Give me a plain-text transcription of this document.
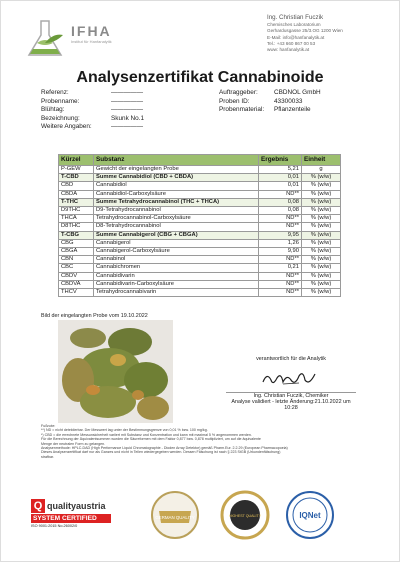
IFHA
Institut für Hanfanalytik
Ing. Christian Fuczik
Chemisches Laboratorium
Gerhardusgasse 25/3.OG 1200 Wien
E-Mail: info@hanfanalytik.at
Tel.: +43 660 867 00 53
www: hanfanalytik.at
Analysenzertifikat Cannabinoide
Referenz:	—————
Probenname:	—————
Blühtag:	—————
Bezeichnung:	Skunk No.1
Weitere Angaben:	—————
Auftraggeber:	CBDNOL GmbH
Proben ID:	43300033
Probenmaterial:	Pflanzenteile
Kürzel	Substanz	Ergebnis	Einheit
P-GEW	Gewicht der eingelangten Probe	5,21	g
T-CBD	Summe Cannabidiol (CBD + CBDA)	0,01	% (w/w)
CBD	Cannabidiol	0,01	% (w/w)
CBDA	Cannabidiol-Carboxylsäure	ND**	% (w/w)
T-THC	Summe Tetrahydrocannabinol (THC + THCA)	0,08	% (w/w)
D9THC	D9-Tetrahydrocannabinol	0,08	% (w/w)
THCA	Tetrahydrocannabinol-Carboxylsäure	ND**	% (w/w)
D8THC	D8-Tetrahydrocannabinol	ND**	% (w/w)
T-CBG	Summe Cannabigerol (CBG + CBGA)	9,95	% (w/w)
CBG	Cannabigerol	1,26	% (w/w)
CBGA	Cannabigerol-Carboxylsäure	9,90	% (w/w)
CBN	Cannabinol	ND**	% (w/w)
CBC	Cannabichromen	0,21	% (w/w)
CBDV	Cannabidivarin	ND**	% (w/w)
CBDVA	Cannabidivarin-Carboxylsäure	ND**	% (w/w)
THCV	Tetrahydrocannabivarin	ND**	% (w/w)
Bild der eingelangten Probe vom 19.10.2022
verantwortlich für die Analytik
Ing. Christian Fuczik, Chemiker
Analyse validiert - letzte Änderung:21.10.2022 um
10:28
Fußnote:
**) ND = nicht detektierbar. Der Messwert lag unter der Bestimmungsgrenze von 0,01 % bzw. 100 mg/kg.
*) CBD = die errechnete Messunsicherheit variiert mit Substanz und Konzentration und kann mit maximal 5 % angenommen werden.
Für die Berechnung der Äquivalentsummen wurden die Säureformen mit dem Faktor 0,877 bzw. 0,878 multipliziert, um auf die äquivalente
Menge der neutralen Form zu gelangen.
Analysenmethode: HPLC-DAD (High Performance Liquid Chromatographie - Dioden Array Detektor) gemäß Pharm.Eur. 2.2.29 (European Pharmacopoeia)
Dieses Analysenzertifikat darf nur als Ganzes und nicht in Teilen wiedergegeben werden. Dessen Fälschung ist nach § 223 StGB (Urkundenfälschung)
strafbar.
Q qualityaustria
SYSTEM CERTIFIED
ISO 9001:2015 No.26002/0
GERMAN QUALITY	HIGHEST QUALITY	IQNet
